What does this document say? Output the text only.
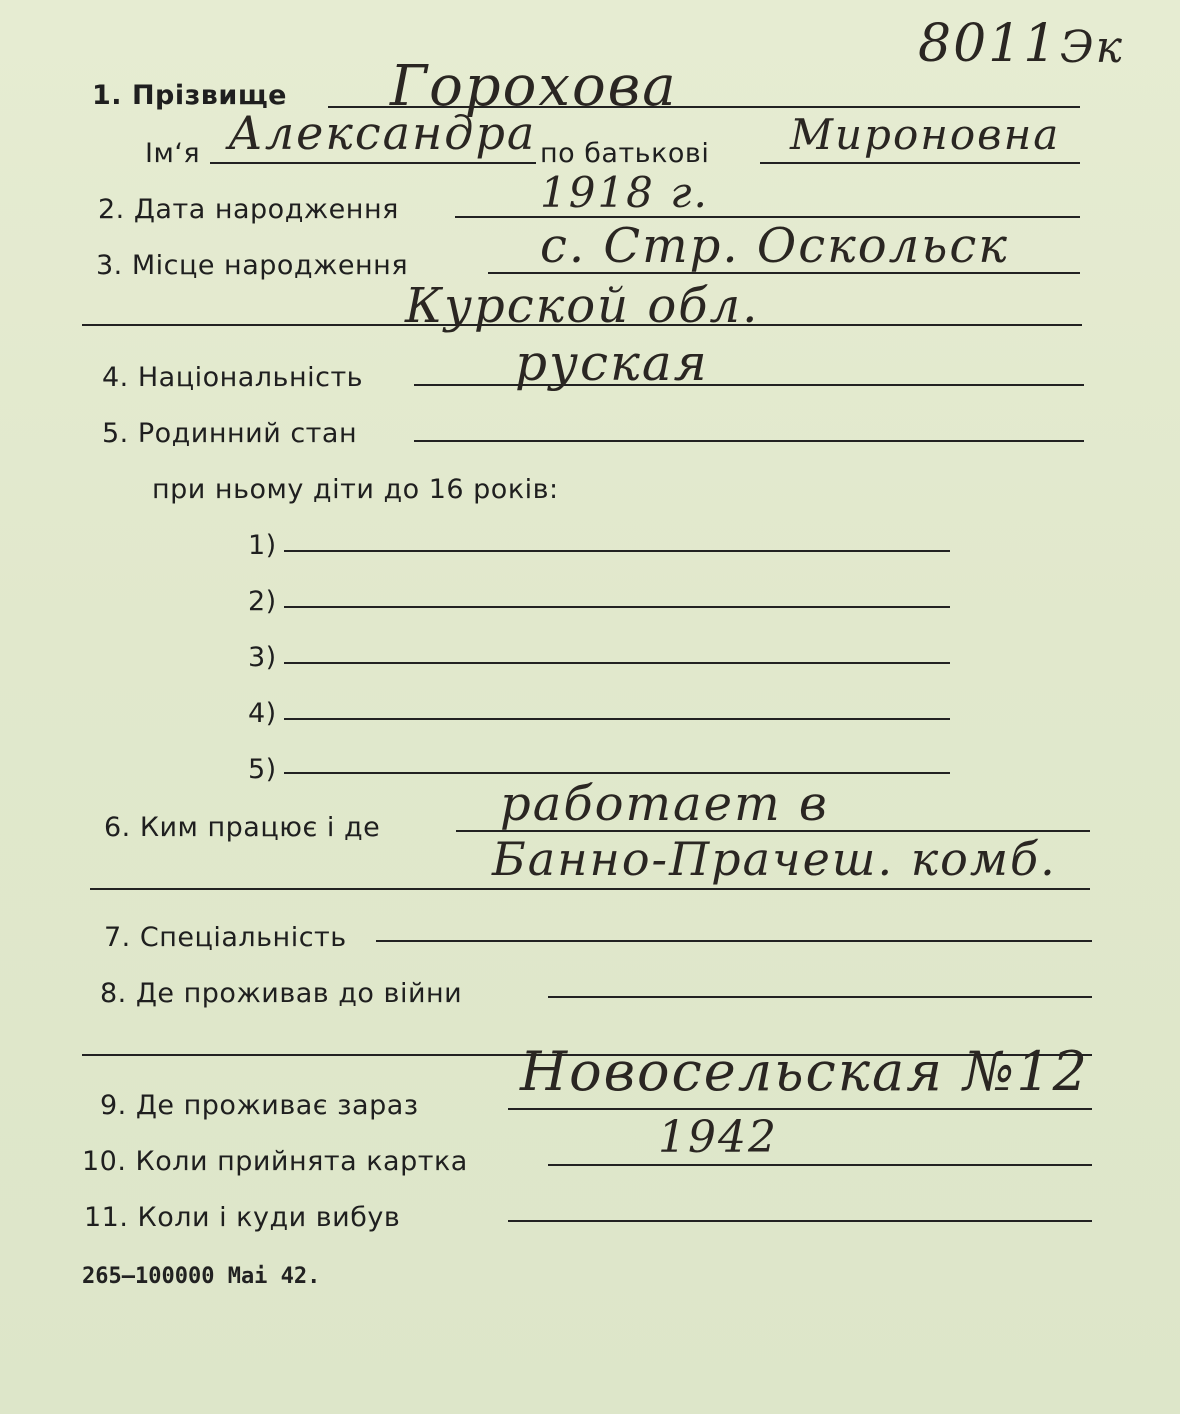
8011 Эк
1. Прізвище Горохова
Ім‘я Александра по батькові Мироновна
2. Дата народження	1918 г.
3. Місце народження	с. Стр. Оскольск
Курской обл.
4. Національність	руская
5. Родинний стан
при ньому діти до 16 років:
1)
2)
3)
4)
5)
6. Ким працює і де работает в
Банно-Прачеш. комб.
7. Спеціальність
8. Де проживав до війни
9. Де проживає зараз
Новосельская №12
10. Коли прийнята картка	1942
11. Коли і куди вибув
265—100000 Mai 42.
